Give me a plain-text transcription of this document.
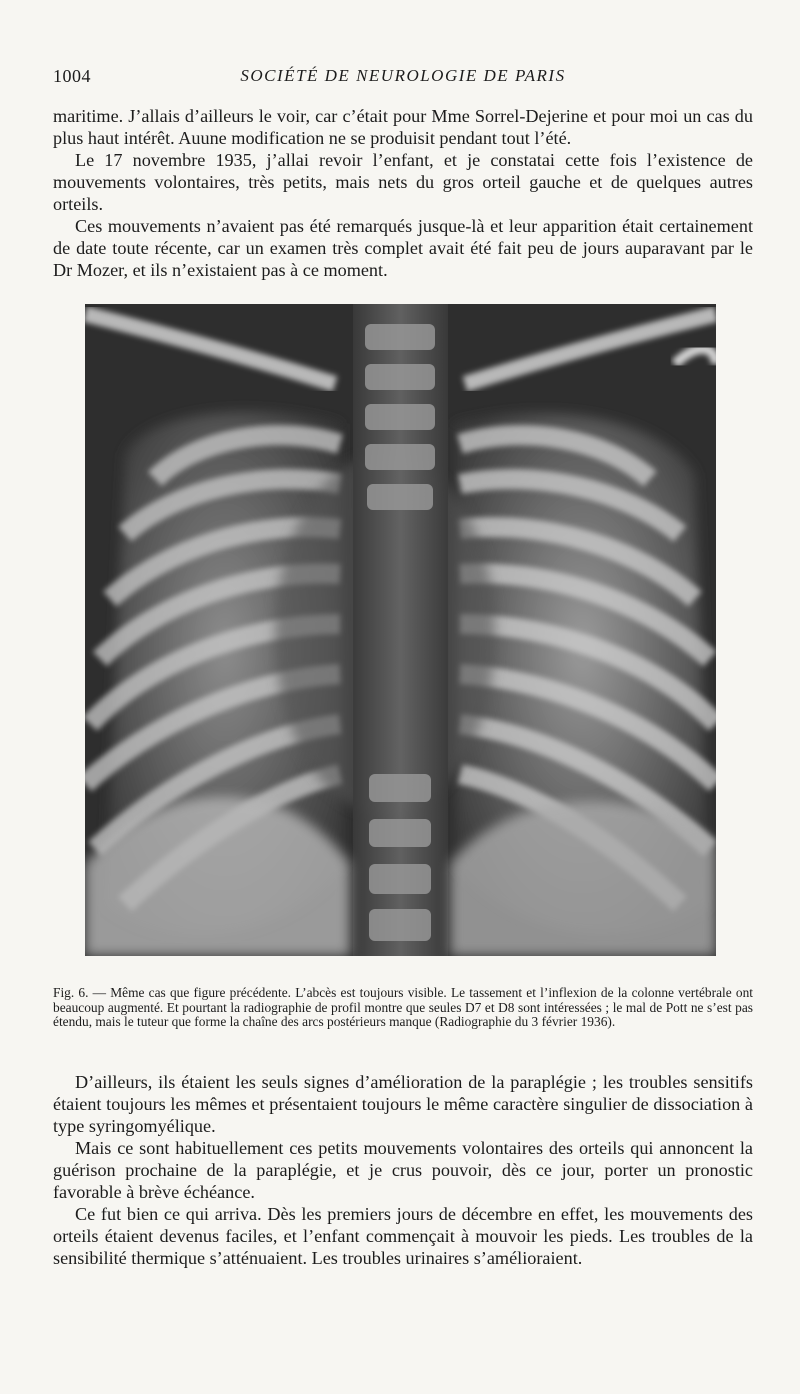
1004	SOCIÉTÉ DE NEUROLOGIE DE PARIS

maritime. J’allais d’ailleurs le voir, car c’était pour Mme Sorrel-Dejerine et pour moi un cas du plus haut intérêt. Auune modification ne se produisit pendant tout l’été.

Le 17 novembre 1935, j’allai revoir l’enfant, et je constatai cette fois l’existence de mouvements volontaires, très petits, mais nets du gros orteil gauche et de quelques autres orteils.

Ces mouvements n’avaient pas été remarqués jusque-là et leur apparition était certainement de date toute récente, car un examen très complet avait été fait peu de jours auparavant par le Dr Mozer, et ils n’existaient pas à ce moment.

Fig. 6. — Même cas que figure précédente. L’abcès est toujours visible. Le tassement et l’inflexion de la colonne vertébrale ont beaucoup augmenté. Et pourtant la radiographie de profil montre que seules D7 et D8 sont intéressées ; le mal de Pott ne s’est pas étendu, mais le tuteur que forme la chaîne des arcs postérieurs manque (Radiographie du 3 février 1936).

D’ailleurs, ils étaient les seuls signes d’amélioration de la paraplégie ; les troubles sensitifs étaient toujours les mêmes et présentaient toujours le même caractère singulier de dissociation à type syringomyélique.

Mais ce sont habituellement ces petits mouvements volontaires des orteils qui annoncent la guérison prochaine de la paraplégie, et je crus pouvoir, dès ce jour, porter un pronostic favorable à brève échéance.

Ce fut bien ce qui arriva. Dès les premiers jours de décembre en effet, les mouvements des orteils étaient devenus faciles, et l’enfant commençait à mouvoir les pieds. Les troubles de la sensibilité thermique s’atténuaient. Les troubles urinaires s’amélioraient.
